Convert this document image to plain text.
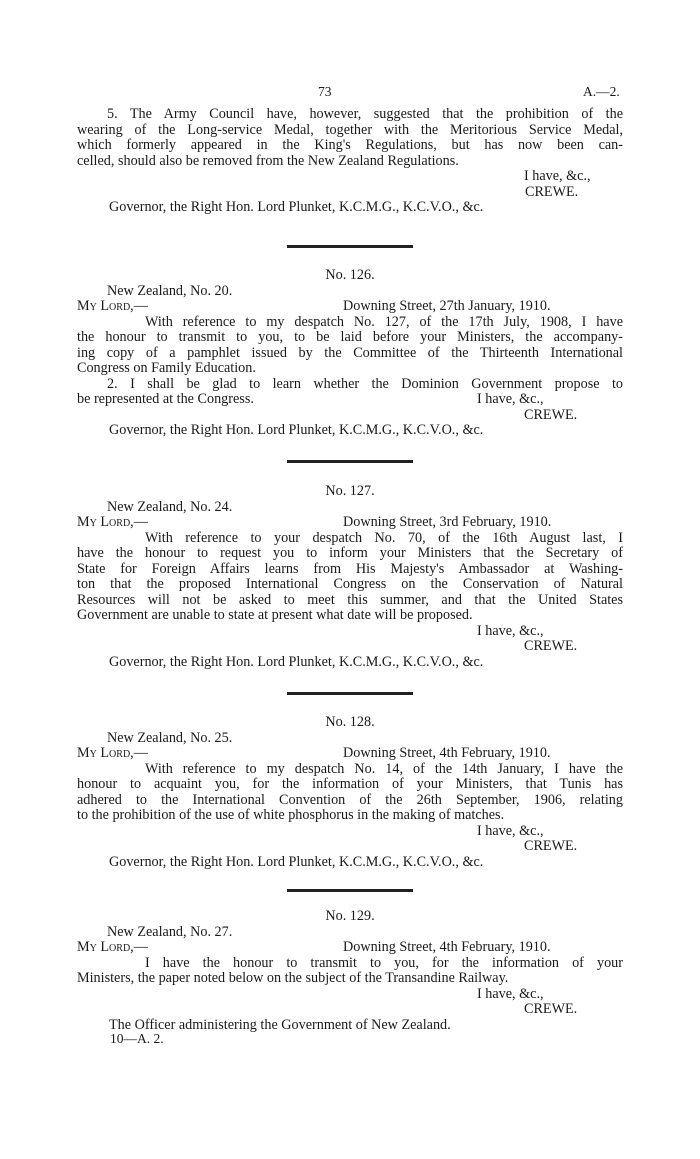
73	A.—2.
5. The Army Council have, however, suggested that the prohibition of the
wearing of the Long-service Medal, together with the Meritorious Service Medal,
which formerly appeared in the King's Regulations, but has now been can-
celled, should also be removed from the New Zealand Regulations.
I have, &c.,
CREWE.
Governor, the Right Hon. Lord Plunket, K.C.M.G., K.C.V.O., &c.
No. 126.
New Zealand, No. 20.
My Lord,—	Downing Street, 27th January, 1910.
With reference to my despatch No. 127, of the 17th July, 1908, I have
the honour to transmit to you, to be laid before your Ministers, the accompany-
ing copy of a pamphlet issued by the Committee of the Thirteenth International
Congress on Family Education.
2. I shall be glad to learn whether the Dominion Government propose to
be represented at the Congress.	I have, &c.,
CREWE.
Governor, the Right Hon. Lord Plunket, K.C.M.G., K.C.V.O., &c.
No. 127.
New Zealand, No. 24.
My Lord,—	Downing Street, 3rd February, 1910.
With reference to your despatch No. 70, of the 16th August last, I
have the honour to request you to inform your Ministers that the Secretary of
State for Foreign Affairs learns from His Majesty's Ambassador at Washing-
ton that the proposed International Congress on the Conservation of Natural
Resources will not be asked to meet this summer, and that the United States
Government are unable to state at present what date will be proposed.
I have, &c.,
CREWE.
Governor, the Right Hon. Lord Plunket, K.C.M.G., K.C.V.O., &c.
No. 128.
New Zealand, No. 25.
My Lord,—	Downing Street, 4th February, 1910.
With reference to my despatch No. 14, of the 14th January, I have the
honour to acquaint you, for the information of your Ministers, that Tunis has
adhered to the International Convention of the 26th September, 1906, relating
to the prohibition of the use of white phosphorus in the making of matches.
I have, &c.,
CREWE.
Governor, the Right Hon. Lord Plunket, K.C.M.G., K.C.V.O., &c.
No. 129.
New Zealand, No. 27.
My Lord,—	Downing Street, 4th February, 1910.
I have the honour to transmit to you, for the information of your
Ministers, the paper noted below on the subject of the Transandine Railway.
I have, &c.,
CREWE.
The Officer administering the Government of New Zealand.
10—A. 2.
